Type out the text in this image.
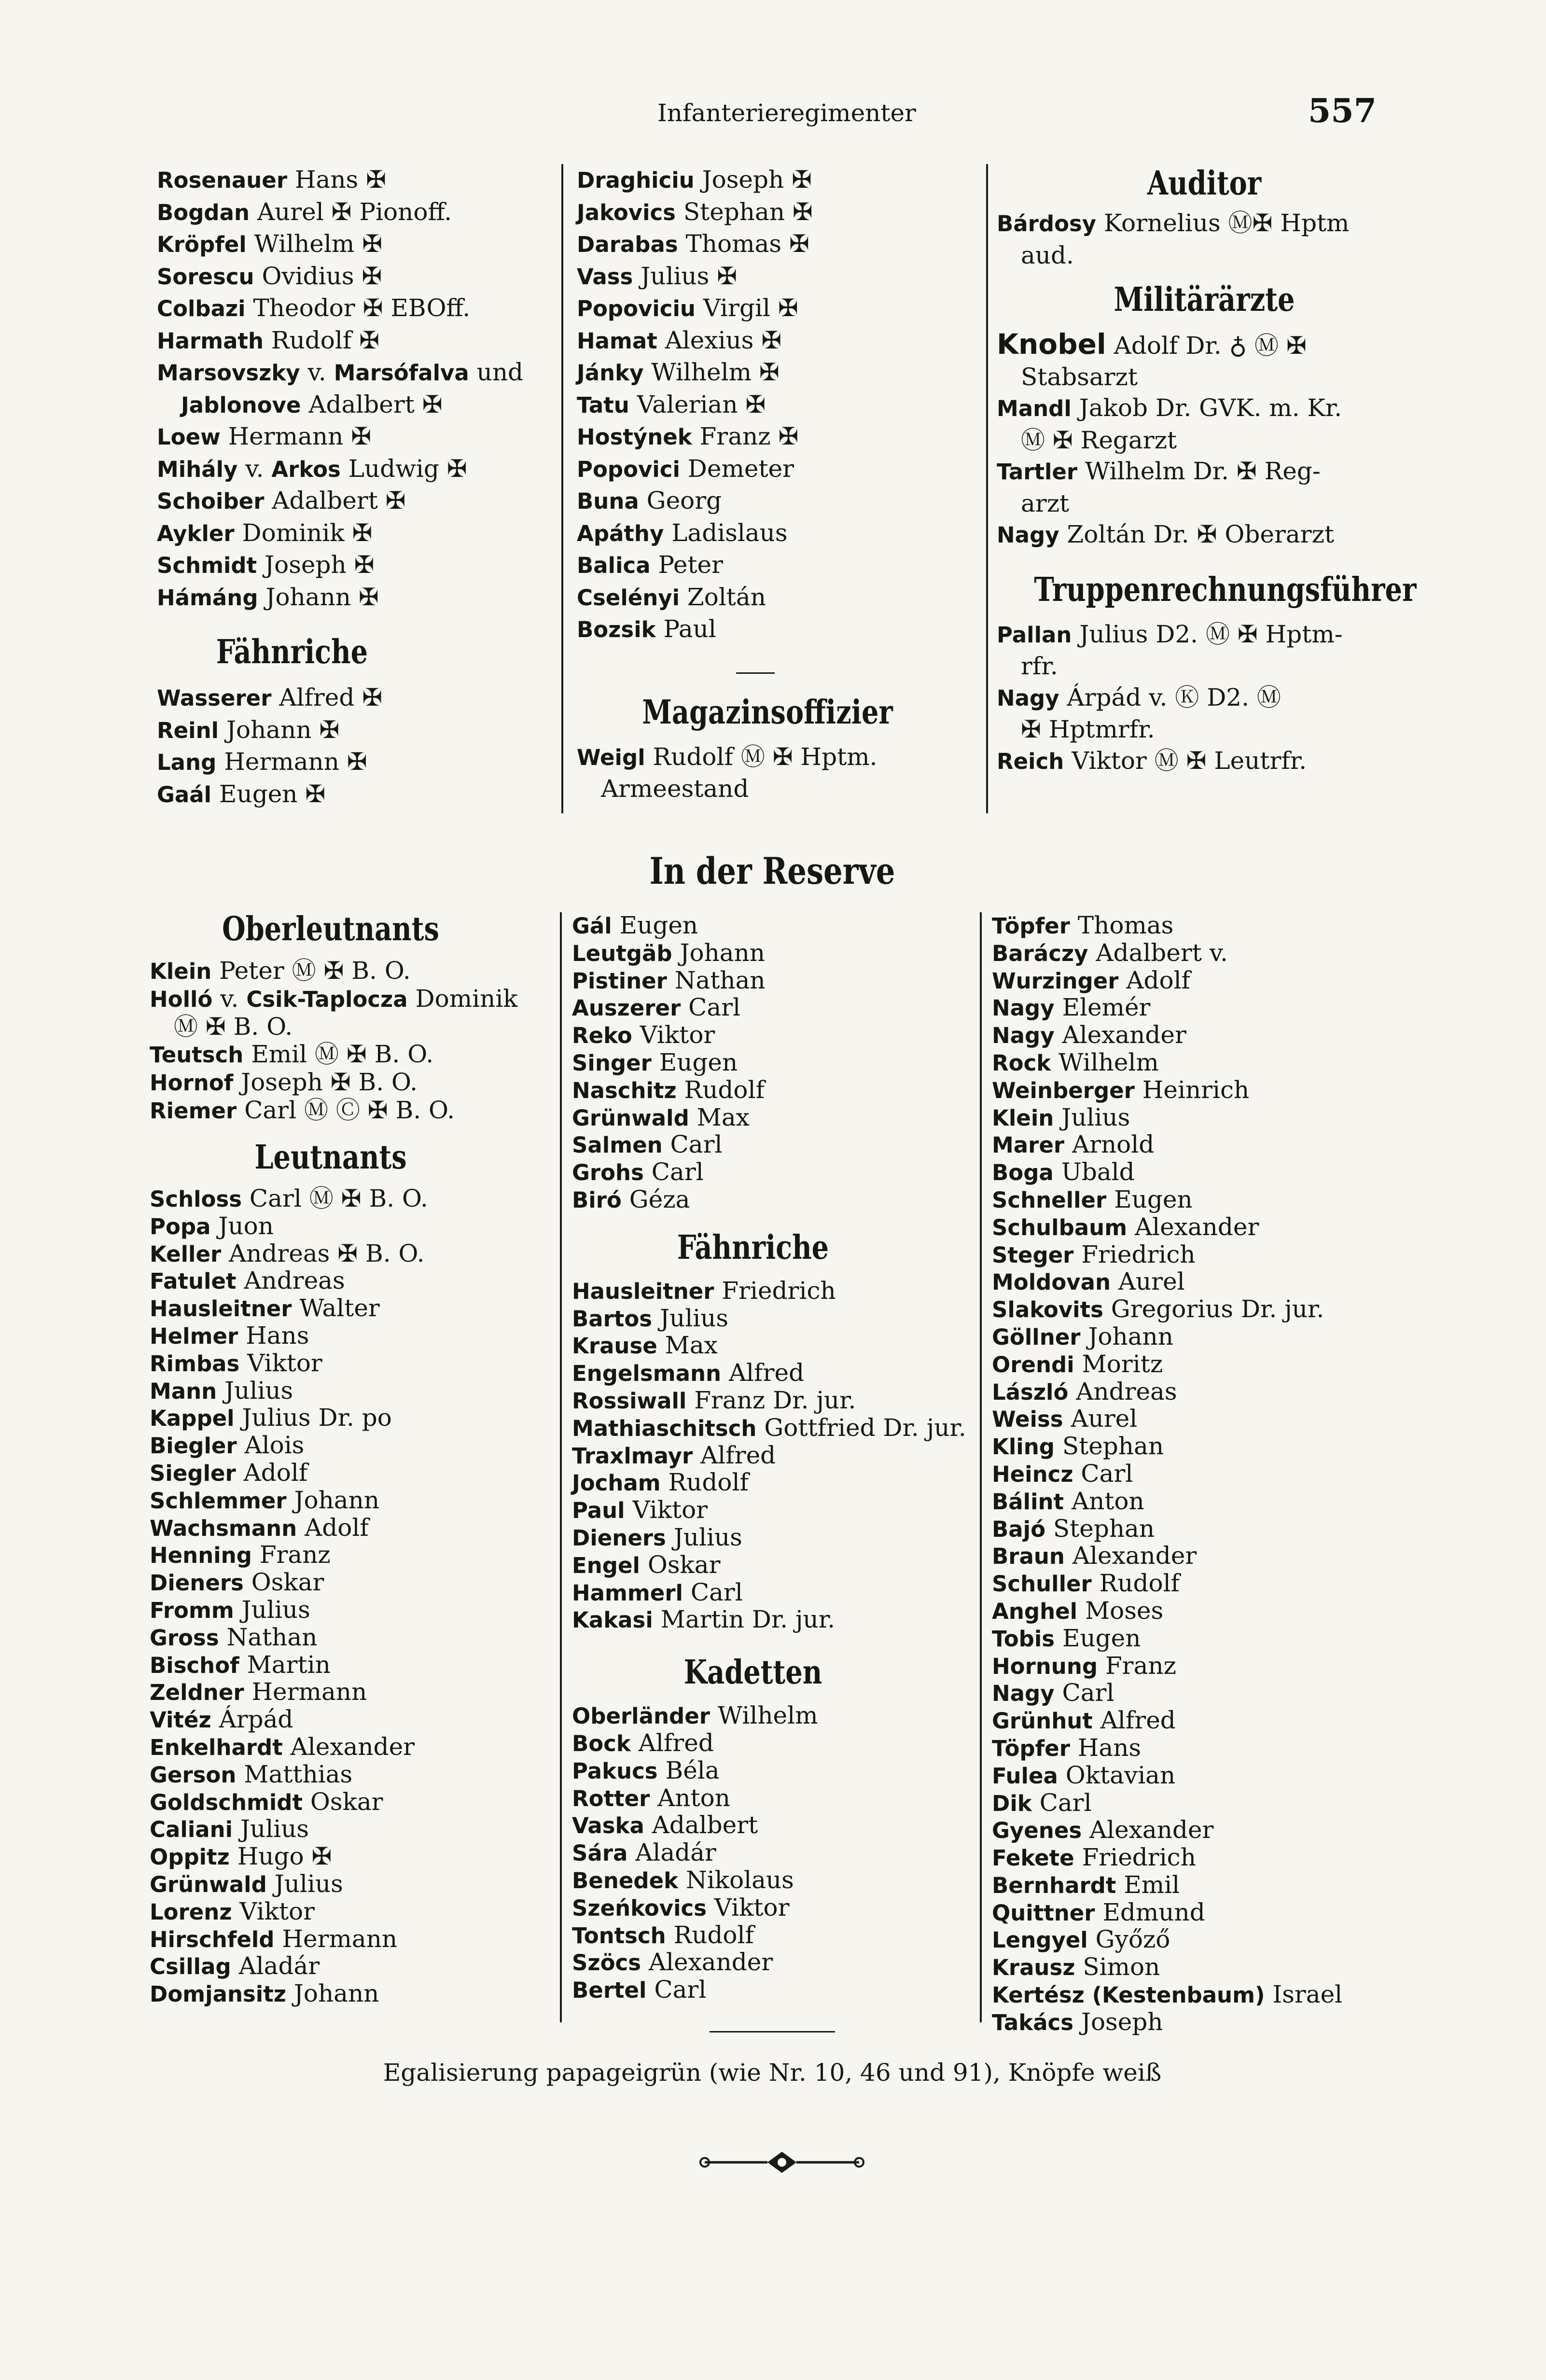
Infanterieregimenter	557
Rosenauer Hans ✠
Bogdan Aurel ✠ Pionoff.
Kröpfel Wilhelm ✠
Sorescu Ovidius ✠
Colbazi Theodor ✠ EBOff.
Harmath Rudolf ✠
Marsovszky v. Marsófalva und
Jablonove Adalbert ✠
Loew Hermann ✠
Mihály v. Arkos Ludwig ✠
Schoiber Adalbert ✠
Aykler Dominik ✠
Schmidt Joseph ✠
Hámáng Johann ✠
Fähnriche
Wasserer Alfred ✠
Reinl Johann ✠
Lang Hermann ✠
Gaál Eugen ✠
Draghiciu Joseph ✠
Jakovics Stephan ✠
Darabas Thomas ✠
Vass Julius ✠
Popoviciu Virgil ✠
Hamat Alexius ✠
Jánky Wilhelm ✠
Tatu Valerian ✠
Hostýnek Franz ✠
Popovici Demeter
Buna Georg
Apáthy Ladislaus
Balica Peter
Cselényi Zoltán
Bozsik Paul
Magazinsoffizier
Weigl Rudolf Ⓜ ✠ Hptm.
Armeestand
Auditor
Bárdosy Kornelius Ⓜ✠ Hptm
aud.
Militärärzte
Knobel Adolf Dr. ♁ Ⓜ ✠
Stabsarzt
Mandl Jakob Dr. GVK. m. Kr.
Ⓜ ✠ Regarzt
Tartler Wilhelm Dr. ✠ Reg-
arzt
Nagy Zoltán Dr. ✠ Oberarzt
Truppenrechnungsführer
Pallan Julius D2. Ⓜ ✠ Hptm-
rfr.
Nagy Árpád v. Ⓚ D2. Ⓜ
✠ Hptmrfr.
Reich Viktor Ⓜ ✠ Leutrfr.
In der Reserve
Oberleutnants
Klein Peter Ⓜ ✠ B. O.
Holló v. Csik-Taplocza Dominik
Ⓜ ✠ B. O.
Teutsch Emil Ⓜ ✠ B. O.
Hornof Joseph ✠ B. O.
Riemer Carl Ⓜ Ⓒ ✠ B. O.
Leutnants
Schloss Carl Ⓜ ✠ B. O.
Popa Juon
Keller Andreas ✠ B. O.
Fatulet Andreas
Hausleitner Walter
Helmer Hans
Rimbas Viktor
Mann Julius
Kappel Julius Dr. po
Biegler Alois
Siegler Adolf
Schlemmer Johann
Wachsmann Adolf
Henning Franz
Dieners Oskar
Fromm Julius
Gross Nathan
Bischof Martin
Zeldner Hermann
Vitéz Árpád
Enkelhardt Alexander
Gerson Matthias
Goldschmidt Oskar
Caliani Julius
Oppitz Hugo ✠
Grünwald Julius
Lorenz Viktor
Hirschfeld Hermann
Csillag Aladár
Domjansitz Johann
Gál Eugen
Leutgäb Johann
Pistiner Nathan
Auszerer Carl
Reko Viktor
Singer Eugen
Naschitz Rudolf
Grünwald Max
Salmen Carl
Grohs Carl
Biró Géza
Fähnriche
Hausleitner Friedrich
Bartos Julius
Krause Max
Engelsmann Alfred
Rossiwall Franz Dr. jur.
Mathiaschitsch Gottfried Dr. jur.
Traxlmayr Alfred
Jocham Rudolf
Paul Viktor
Dieners Julius
Engel Oskar
Hammerl Carl
Kakasi Martin Dr. jur.
Kadetten
Oberländer Wilhelm
Bock Alfred
Pakucs Béla
Rotter Anton
Vaska Adalbert
Sára Aladár
Benedek Nikolaus
Szeńkovics Viktor
Tontsch Rudolf
Szöcs Alexander
Bertel Carl
Töpfer Thomas
Baráczy Adalbert v.
Wurzinger Adolf
Nagy Elemér
Nagy Alexander
Rock Wilhelm
Weinberger Heinrich
Klein Julius
Marer Arnold
Boga Ubald
Schneller Eugen
Schulbaum Alexander
Steger Friedrich
Moldovan Aurel
Slakovits Gregorius Dr. jur.
Göllner Johann
Orendi Moritz
László Andreas
Weiss Aurel
Kling Stephan
Heincz Carl
Bálint Anton
Bajó Stephan
Braun Alexander
Schuller Rudolf
Anghel Moses
Tobis Eugen
Hornung Franz
Nagy Carl
Grünhut Alfred
Töpfer Hans
Fulea Oktavian
Dik Carl
Gyenes Alexander
Fekete Friedrich
Bernhardt Emil
Quittner Edmund
Lengyel Győző
Krausz Simon
Kertész (Kestenbaum) Israel
Takács Joseph
Egalisierung papageigrün (wie Nr. 10, 46 und 91), Knöpfe weiß
